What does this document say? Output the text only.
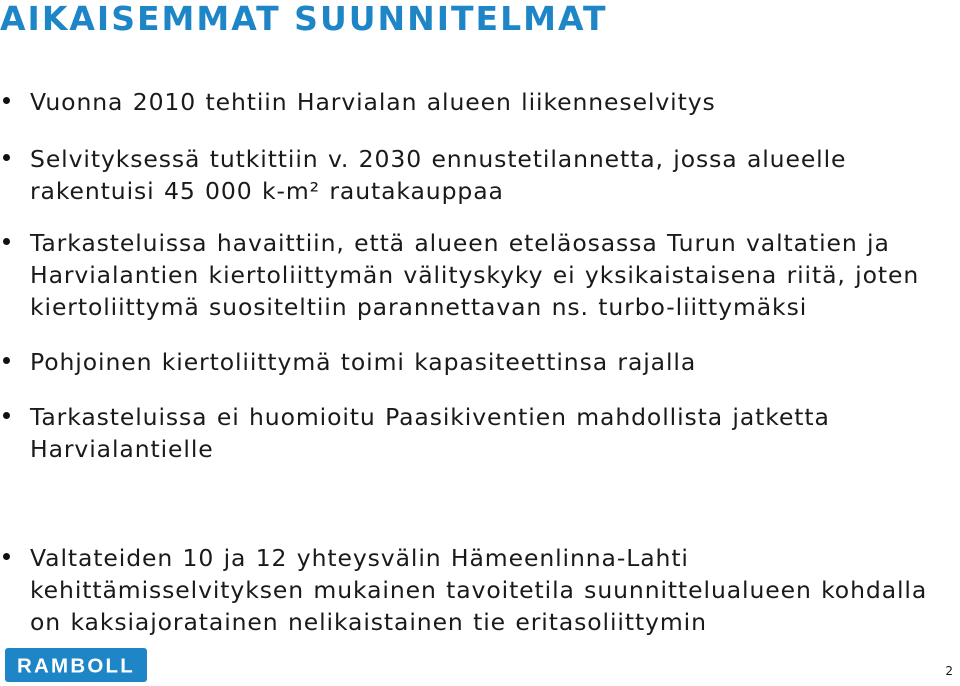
AIKAISEMMAT SUUNNITELMAT
Vuonna 2010 tehtiin Harvialan alueen liikenneselvitys
Selvityksessä tutkittiin v. 2030 ennustetilannetta, jossa alueelle rakentuisi 45 000 k-m² rautakauppaa
Tarkasteluissa havaittiin, että alueen eteläosassa Turun valtatien ja Harvialantien kiertoliittymän välityskyky ei yksikaistaisena riitä, joten kiertoliittymä suositeltiin parannettavan ns. turbo-liittymäksi
Pohjoinen kiertoliittymä toimi kapasiteettinsa rajalla
Tarkasteluissa ei huomioitu Paasikiventien mahdollista jatketta Harvialantielle
Valtateiden 10 ja 12 yhteysvälin Hämeenlinna-Lahti kehittämisselvityksen mukainen tavoitetila suunnittelualueen kohdalla on kaksiajoratainen nelikaistainen tie eritasoliittymin
RAMBOLL	2
